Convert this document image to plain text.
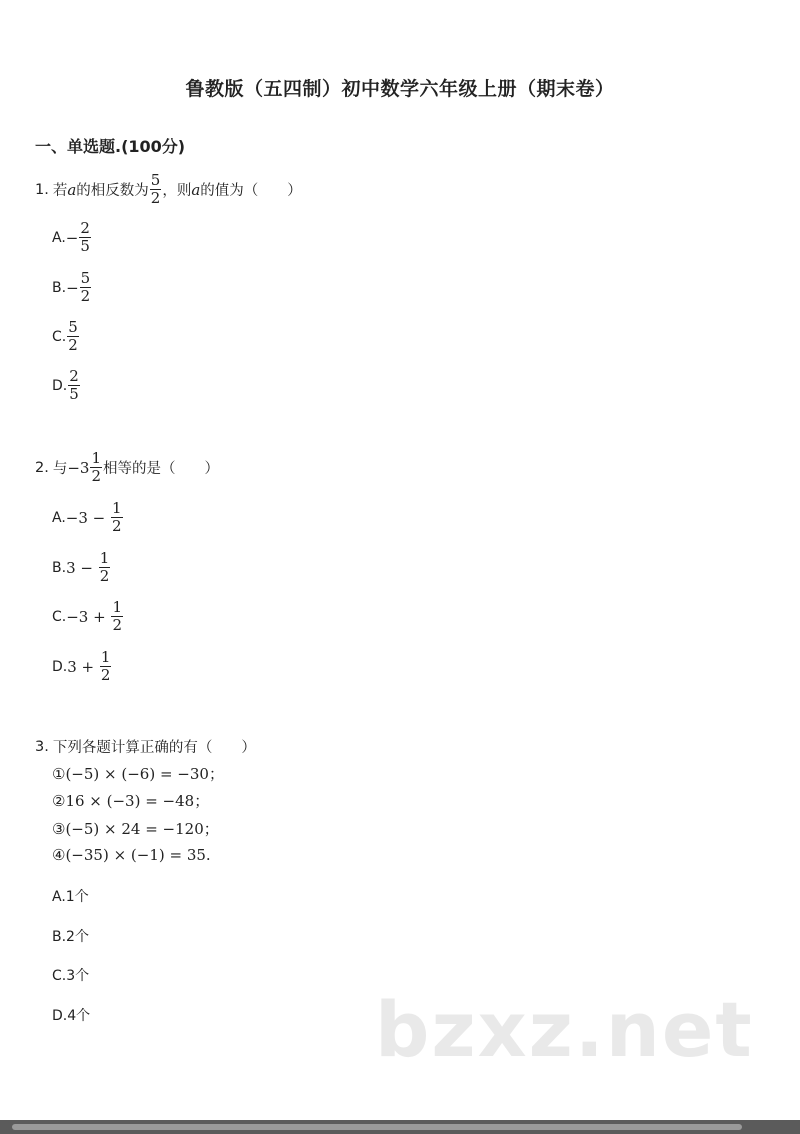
鲁教版（五四制）初中数学六年级上册（期末卷）
一、单选题.(100分)
1. 若 a 的相反数为 $\frac{5}{2}$ ，则 a 的值为（　　）
A. − $\frac{2}{5}$
B. − $\frac{5}{2}$
C. $\frac{5}{2}$
D. $\frac{2}{5}$
2. 与 $-3 \frac{1}{2}$ 相等的是（　　）
A. $-3 - \frac{1}{2}$
B. $3 - \frac{1}{2}$
C. $-3 + \frac{1}{2}$
D. $3 + \frac{1}{2}$
3. 下列各题计算正确的有（　　）
①(−5) × (−6) = −30；
②16 × (−3) = −48；
③(−5) × 24 = −120；
④(−35) × (−1) = 35.
A.1个
B.2个
C.3个
D.4个	bzxz.net
